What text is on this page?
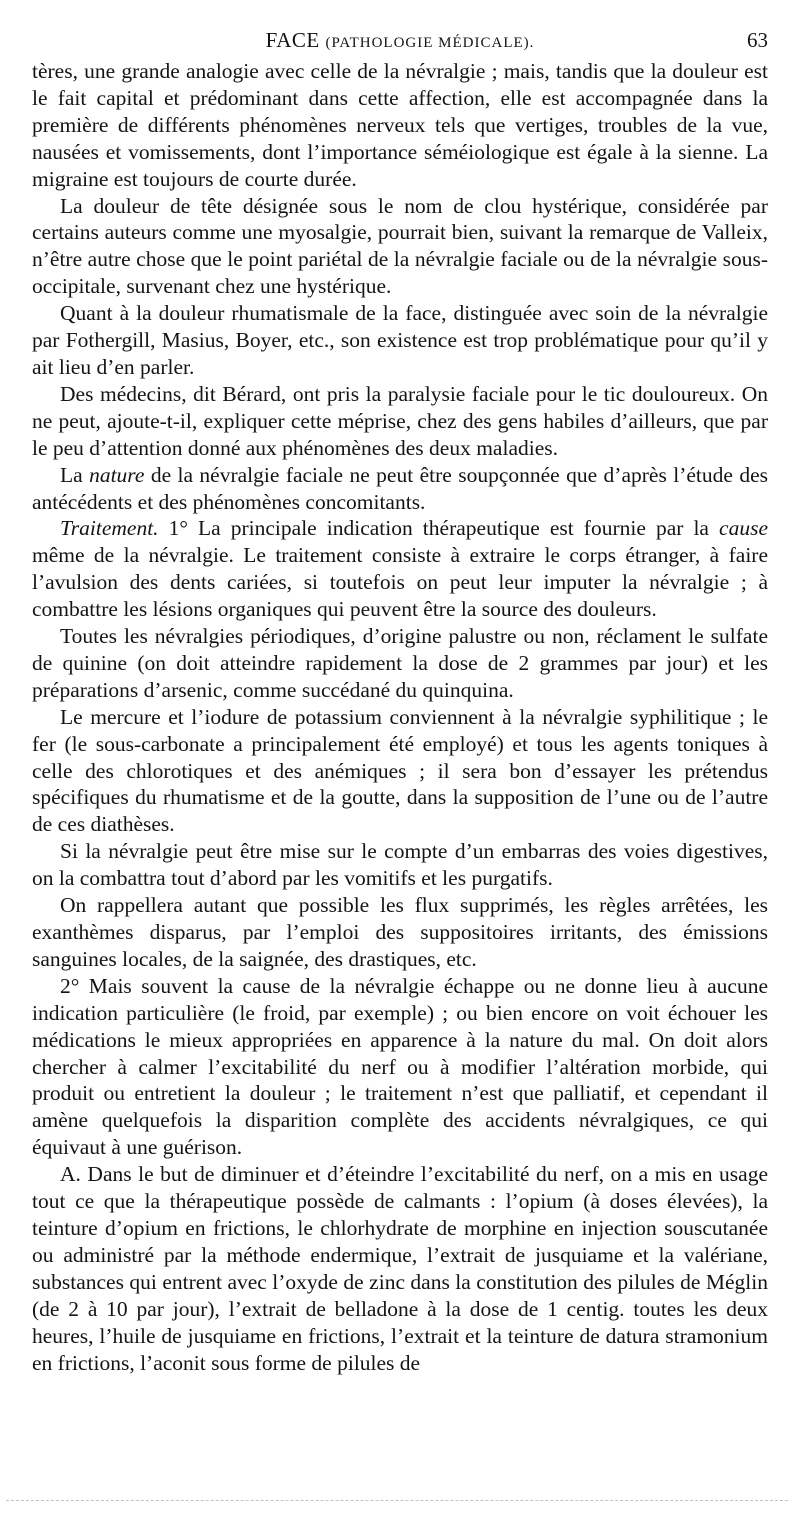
FACE (PATHOLOGIE MÉDICALE).	63

tères, une grande analogie avec celle de la névralgie ; mais, tandis que la douleur est le fait capital et prédominant dans cette affection, elle est accompagnée dans la première de différents phénomènes nerveux tels que vertiges, troubles de la vue, nausées et vomissements, dont l’importance séméiologique est égale à la sienne. La migraine est toujours de courte durée.

La douleur de tête désignée sous le nom de clou hystérique, considérée par certains auteurs comme une myosalgie, pourrait bien, suivant la remarque de Valleix, n’être autre chose que le point pariétal de la névralgie faciale ou de la névralgie sous-occipitale, survenant chez une hystérique.

Quant à la douleur rhumatismale de la face, distinguée avec soin de la névralgie par Fothergill, Masius, Boyer, etc., son existence est trop problématique pour qu’il y ait lieu d’en parler.

Des médecins, dit Bérard, ont pris la paralysie faciale pour le tic douloureux. On ne peut, ajoute-t-il, expliquer cette méprise, chez des gens habiles d’ailleurs, que par le peu d’attention donné aux phénomènes des deux maladies.

La nature de la névralgie faciale ne peut être soupçonnée que d’après l’étude des antécédents et des phénomènes concomitants.

Traitement. 1° La principale indication thérapeutique est fournie par la cause même de la névralgie. Le traitement consiste à extraire le corps étranger, à faire l’avulsion des dents cariées, si toutefois on peut leur imputer la névralgie ; à combattre les lésions organiques qui peuvent être la source des douleurs.

Toutes les névralgies périodiques, d’origine palustre ou non, réclament le sulfate de quinine (on doit atteindre rapidement la dose de 2 grammes par jour) et les préparations d’arsenic, comme succédané du quinquina.

Le mercure et l’iodure de potassium conviennent à la névralgie syphilitique ; le fer (le sous-carbonate a principalement été employé) et tous les agents toniques à celle des chlorotiques et des anémiques ; il sera bon d’essayer les prétendus spécifiques du rhumatisme et de la goutte, dans la supposition de l’une ou de l’autre de ces diathèses.

Si la névralgie peut être mise sur le compte d’un embarras des voies digestives, on la combattra tout d’abord par les vomitifs et les purgatifs.

On rappellera autant que possible les flux supprimés, les règles arrêtées, les exanthèmes disparus, par l’emploi des suppositoires irritants, des émissions sanguines locales, de la saignée, des drastiques, etc.

2° Mais souvent la cause de la névralgie échappe ou ne donne lieu à aucune indication particulière (le froid, par exemple) ; ou bien encore on voit échouer les médications le mieux appropriées en apparence à la nature du mal. On doit alors chercher à calmer l’excitabilité du nerf ou à modifier l’altération morbide, qui produit ou entretient la douleur ; le traitement n’est que palliatif, et cependant il amène quelquefois la disparition complète des accidents névralgiques, ce qui équivaut à une guérison.

A. Dans le but de diminuer et d’éteindre l’excitabilité du nerf, on a mis en usage tout ce que la thérapeutique possède de calmants : l’opium (à doses élevées), la teinture d’opium en frictions, le chlorhydrate de morphine en injection souscutanée ou administré par la méthode endermique, l’extrait de jusquiame et la valériane, substances qui entrent avec l’oxyde de zinc dans la constitution des pilules de Méglin (de 2 à 10 par jour), l’extrait de belladone à la dose de 1 centig. toutes les deux heures, l’huile de jusquiame en frictions, l’extrait et la teinture de datura stramonium en frictions, l’aconit sous forme de pilules de
